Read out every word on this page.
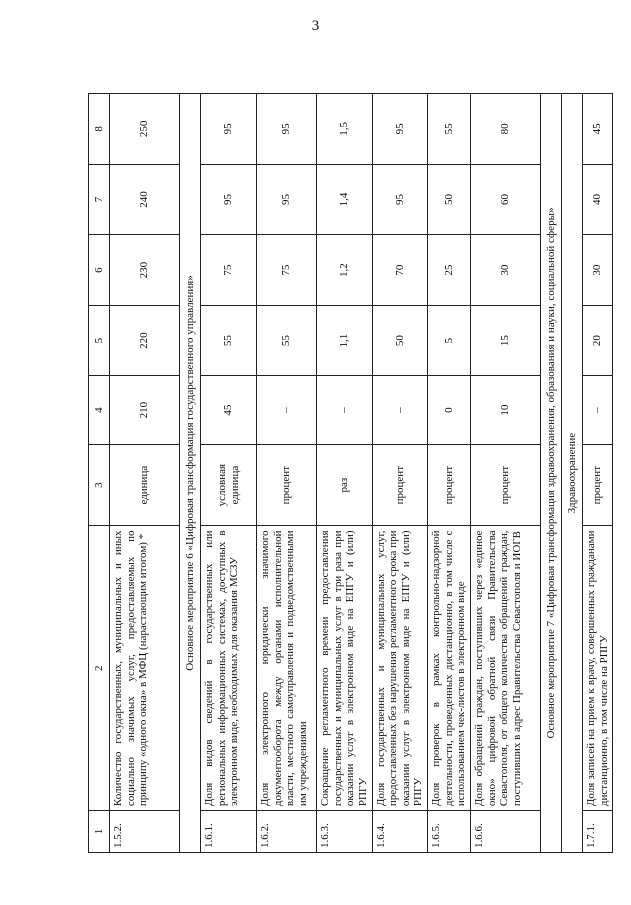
3
1	2	3	4	5	6	7	8
1.5.2.	Количество государственных, муниципальных и иных социально значимых услуг, предоставляемых по принципу «одного окна» в МФЦ (нарастающим итогом) *	единица	210	220	230	240	250
Основное мероприятие 6 «Цифровая трансформация государственного управления»							
1.6.1.	Доля видов сведений в государственных или региональных информационных системах, доступных в электронном виде, необходимых для оказания МСЗУ	условная единица	45	55	75	95	95
1.6.2.	Доля электронного юридически значимого документооборота между органами исполнительной власти, местного самоуправления и подведомственными им учреждениями	процент	–	55	75	95	95
1.6.3.	Сокращение регламентного времени предоставления государственных и муниципальных услуг в три раза при оказании услуг в электронном виде на ЕПГУ и (или) РПГУ	раз	–	1,1	1,2	1,4	1,5
1.6.4.	Доля государственных и муниципальных услуг, предоставленных без нарушения регламентного срока при оказании услуг в электронном виде на ЕПГУ и (или) РПГУ	процент	–	50	70	95	95
1.6.5.	Доля проверок в рамках контрольно-надзорной деятельности, проведенных дистанционно, в том числе с использованием чек-листов в электронном виде	процент	0	5	25	50	55
1.6.6.	Доля обращений граждан, поступивших через «единое окно» цифровой обратной связи Правительства Севастополя, от общего количества обращений граждан, поступивших в адрес Правительства Севастополя и ИОГВ	процент	10	15	30	60	80
Основное мероприятие 7 «Цифровая трансформация здравоохранения, образования и науки, социальной сферы»							
Здравоохранение							
1.7.1.	Доля записей на прием к врачу, совершенных гражданами дистанционно, в том числе на РПГУ	процент	–	20	30	40	45
